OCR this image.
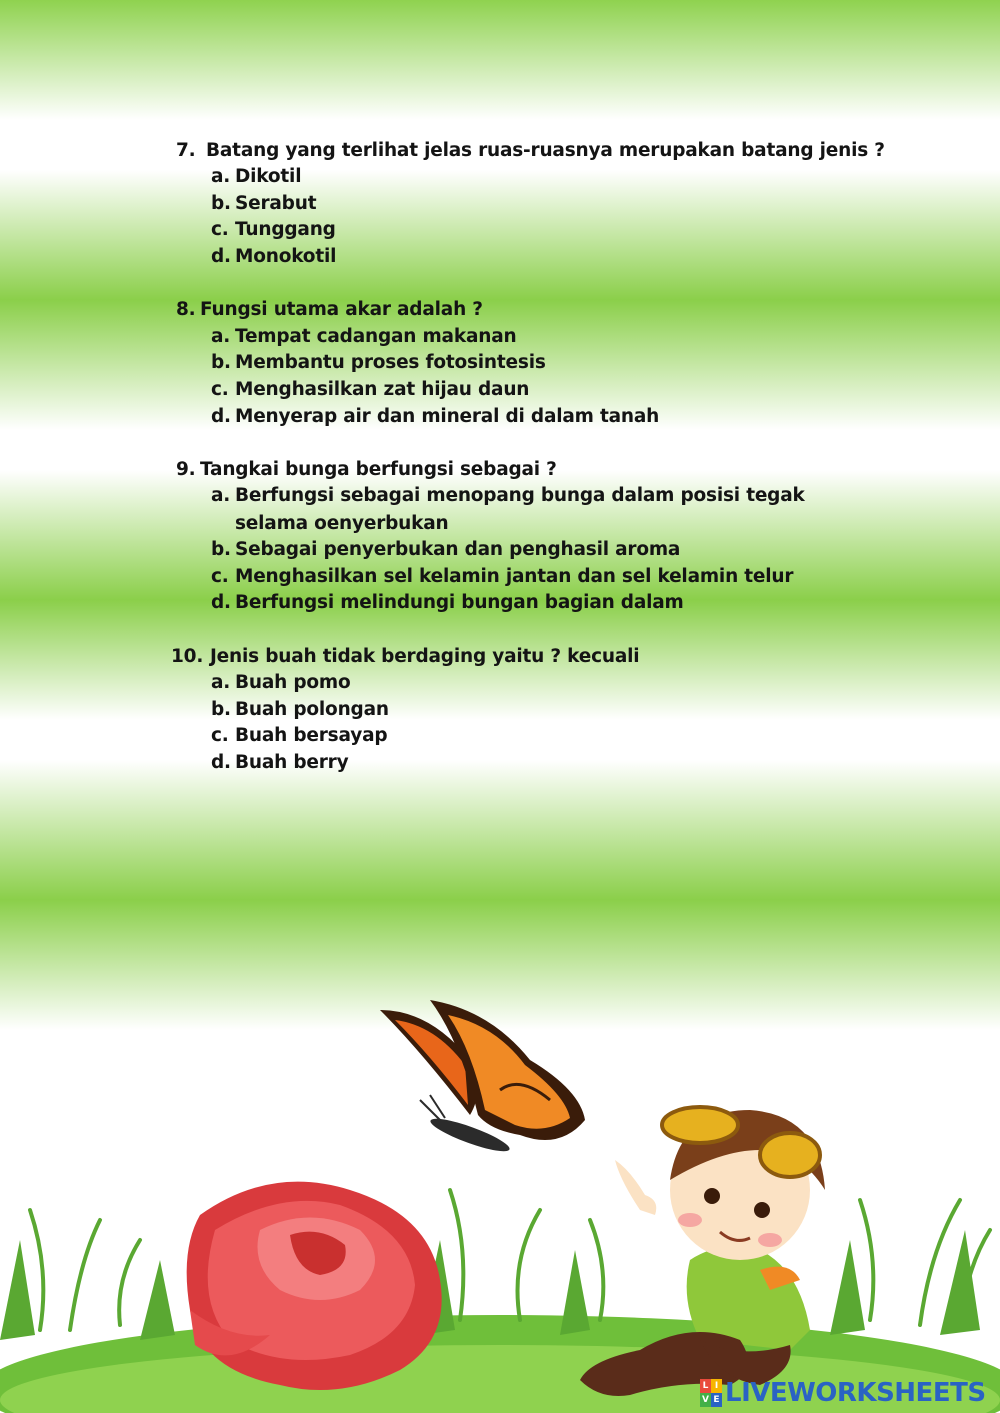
7. Batang yang terlihat jelas ruas-ruasnya merupakan batang jenis ?
a. Dikotil
b. Serabut
c. Tunggang
d. Monokotil
8. Fungsi utama akar adalah ?
a. Tempat cadangan makanan
b. Membantu proses fotosintesis
c. Menghasilkan zat hijau daun
d. Menyerap air dan mineral di dalam tanah
9. Tangkai bunga berfungsi sebagai ?
a. Berfungsi sebagai menopang bunga dalam posisi tegak
selama oenyerbukan
b. Sebagai penyerbukan dan penghasil aroma
c. Menghasilkan sel kelamin jantan dan sel kelamin telur
d. Berfungsi melindungi bungan bagian dalam
10. Jenis buah tidak berdaging yaitu ? kecuali
a. Buah pomo
b. Buah polongan
c. Buah bersayap
d. Buah berry
L I
V E LIVEWORKSHEETS
